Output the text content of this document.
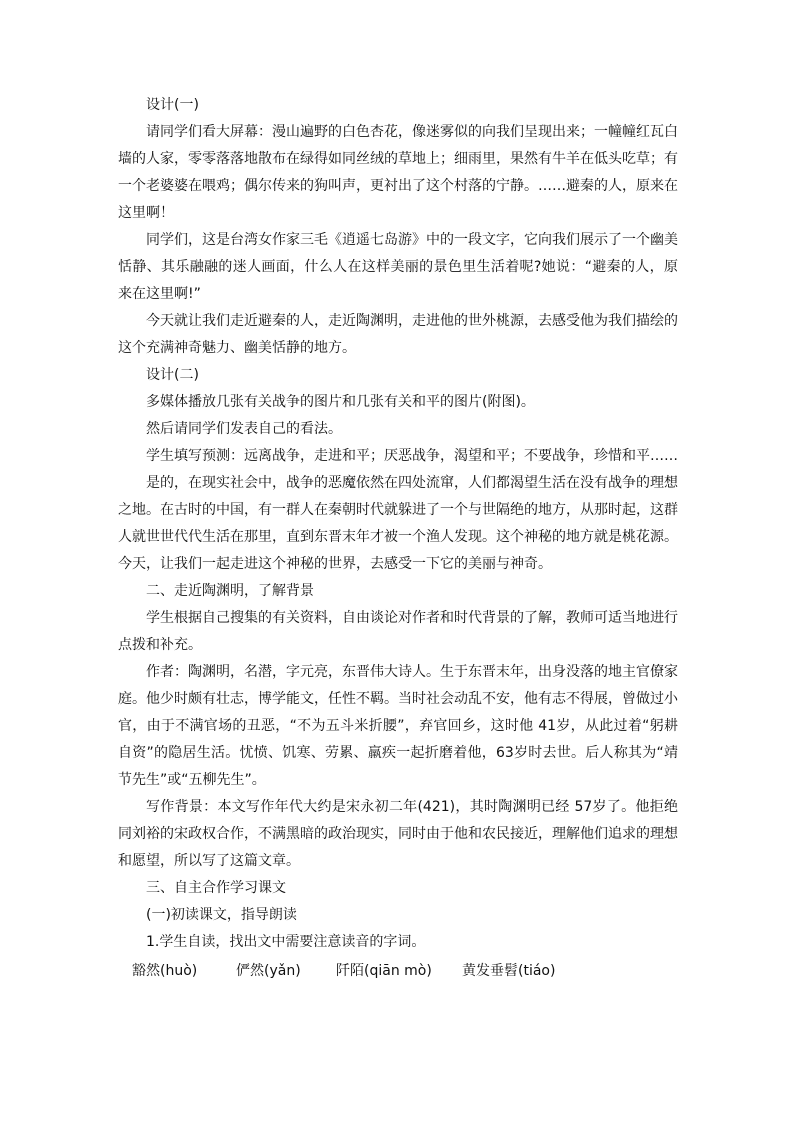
设计(一)

请同学们看大屏幕：漫山遍野的白色杏花，像迷雾似的向我们呈现出来；一幢幢红瓦白墙的人家，零零落落地散布在绿得如同丝绒的草地上；细雨里，果然有牛羊在低头吃草；有一个老婆婆在喂鸡；偶尔传来的狗叫声，更衬出了这个村落的宁静。……避秦的人，原来在这里啊！

同学们，这是台湾女作家三毛《逍遥七岛游》中的一段文字，它向我们展示了一个幽美恬静、其乐融融的迷人画面，什么人在这样美丽的景色里生活着呢?她说：“避秦的人，原来在这里啊!”

今天就让我们走近避秦的人，走近陶渊明，走进他的世外桃源，去感受他为我们描绘的这个充满神奇魅力、幽美恬静的地方。

设计(二)

多媒体播放几张有关战争的图片和几张有关和平的图片(附图)。

然后请同学们发表自己的看法。

学生填写预测：远离战争，走进和平；厌恶战争，渴望和平；不要战争，珍惜和平……

是的，在现实社会中，战争的恶魔依然在四处流窜，人们都渴望生活在没有战争的理想之地。在古时的中国，有一群人在秦朝时代就躲进了一个与世隔绝的地方，从那时起，这群人就世世代代生活在那里，直到东晋末年才被一个渔人发现。这个神秘的地方就是桃花源。今天，让我们一起走进这个神秘的世界，去感受一下它的美丽与神奇。

二、走近陶渊明，了解背景

学生根据自己搜集的有关资料，自由谈论对作者和时代背景的了解，教师可适当地进行点拨和补充。

作者：陶渊明，名潜，字元亮，东晋伟大诗人。生于东晋末年，出身没落的地主官僚家庭。他少时颇有壮志，博学能文，任性不羁。当时社会动乱不安，他有志不得展，曾做过小官，由于不满官场的丑恶，“不为五斗米折腰”，弃官回乡，这时他 41岁，从此过着“躬耕自资”的隐居生活。忧愤、饥寒、劳累、羸疾一起折磨着他，63岁时去世。后人称其为“靖节先生”或“五柳先生”。

写作背景：本文写作年代大约是宋永初二年(421)，其时陶渊明已经 57岁了。他拒绝同刘裕的宋政权合作，不满黑暗的政治现实，同时由于他和农民接近，理解他们追求的理想和愿望，所以写了这篇文章。

三、自主合作学习课文

(一)初读课文，指导朗读

1.学生自读，找出文中需要注意读音的字词。

豁然(huò)	俨然(yǎn)	阡陌(qiān mò)	黄发垂髫(tiáo)
